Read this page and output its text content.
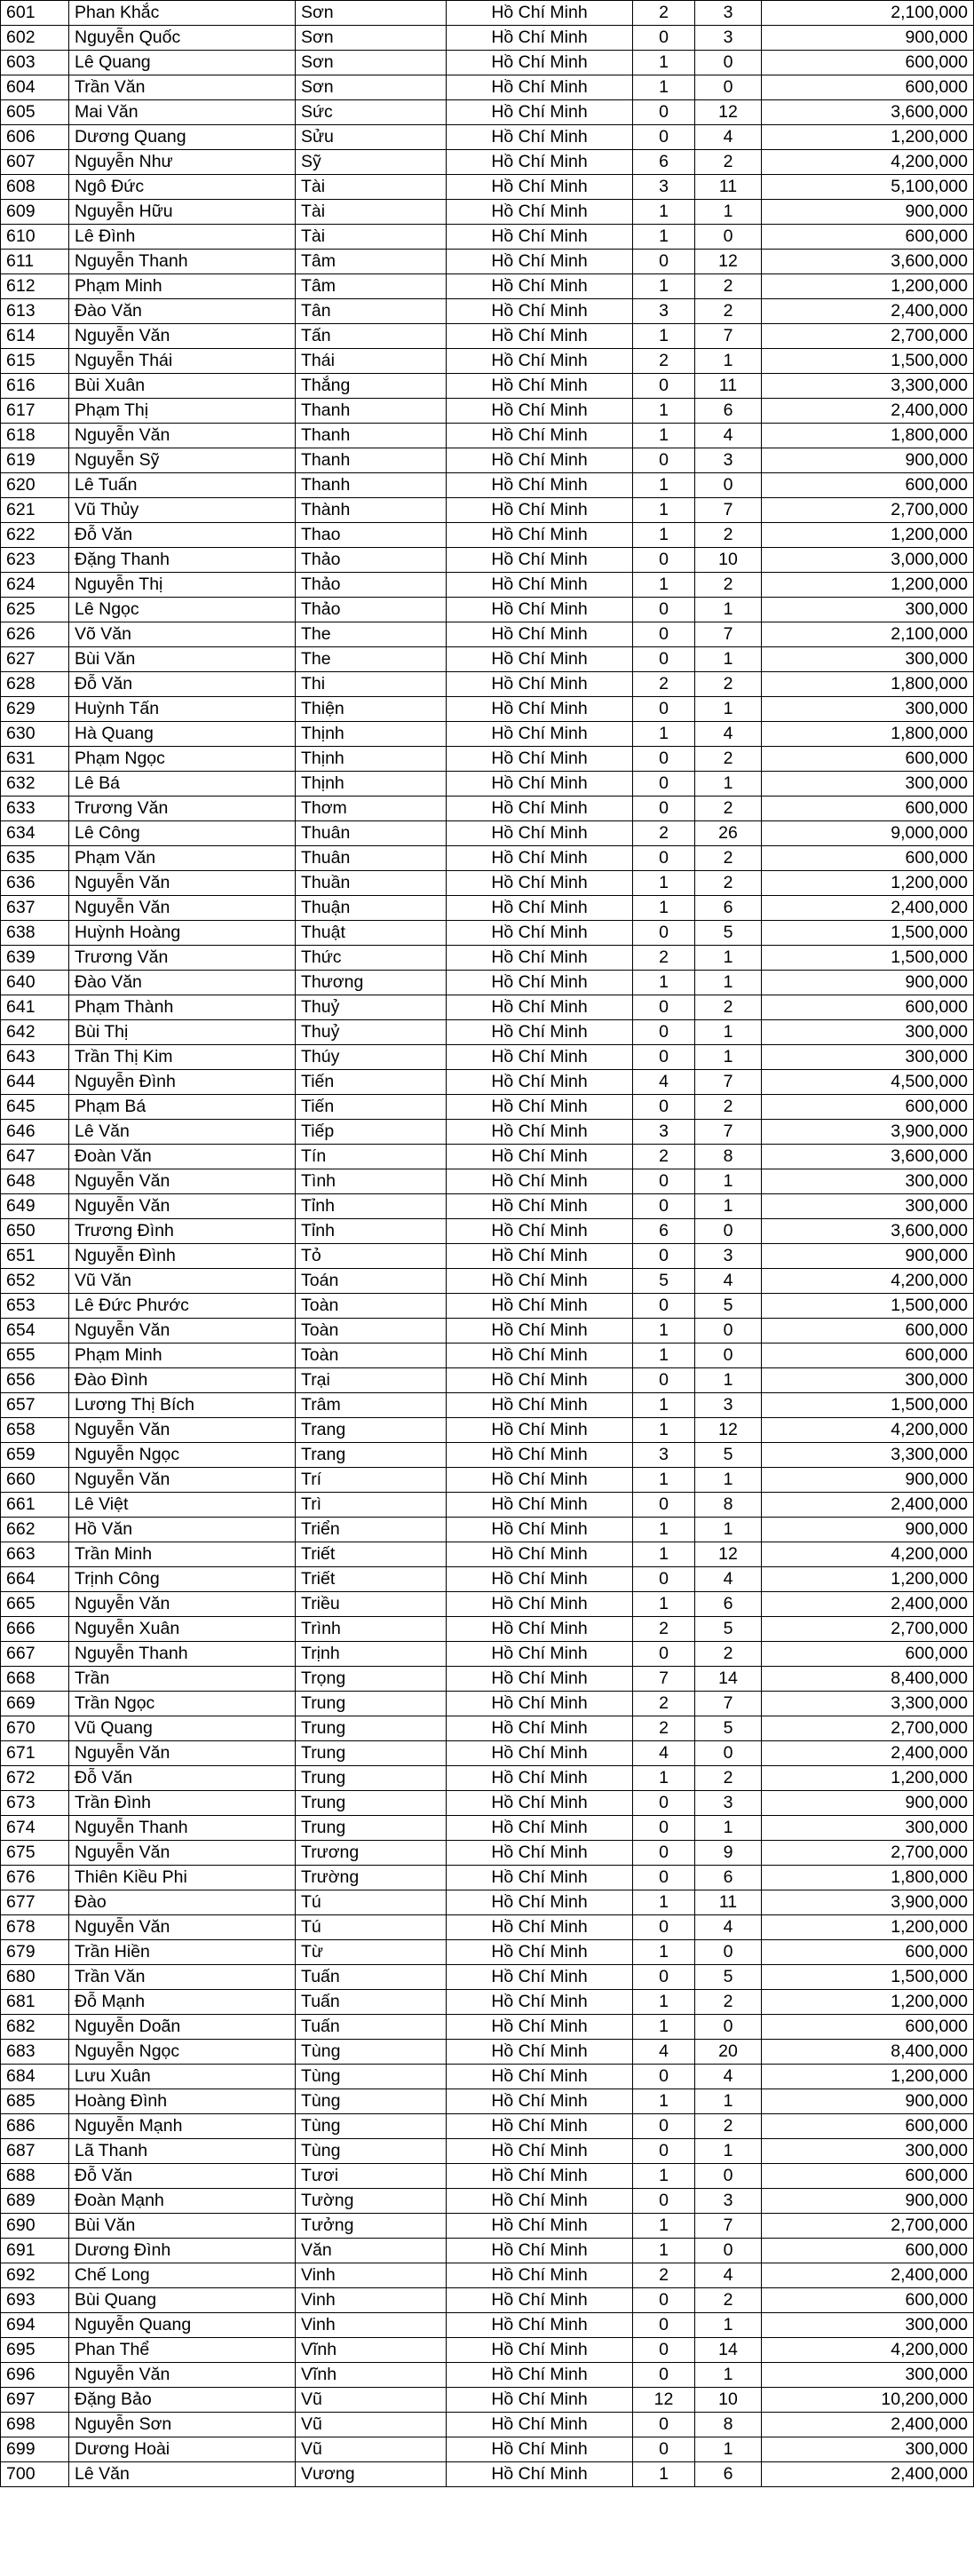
601	Phan Khắc	Sơn	Hồ Chí Minh	2	3	2,100,000
602	Nguyễn Quốc	Sơn	Hồ Chí Minh	0	3	900,000
603	Lê Quang	Sơn	Hồ Chí Minh	1	0	600,000
604	Trần Văn	Sơn	Hồ Chí Minh	1	0	600,000
605	Mai Văn	Sức	Hồ Chí Minh	0	12	3,600,000
606	Dương Quang	Sửu	Hồ Chí Minh	0	4	1,200,000
607	Nguyễn Như	Sỹ	Hồ Chí Minh	6	2	4,200,000
608	Ngô Đức	Tài	Hồ Chí Minh	3	11	5,100,000
609	Nguyễn Hữu	Tài	Hồ Chí Minh	1	1	900,000
610	Lê Đình	Tài	Hồ Chí Minh	1	0	600,000
611	Nguyễn Thanh	Tâm	Hồ Chí Minh	0	12	3,600,000
612	Phạm Minh	Tâm	Hồ Chí Minh	1	2	1,200,000
613	Đào Văn	Tân	Hồ Chí Minh	3	2	2,400,000
614	Nguyễn Văn	Tấn	Hồ Chí Minh	1	7	2,700,000
615	Nguyễn Thái	Thái	Hồ Chí Minh	2	1	1,500,000
616	Bùi Xuân	Thắng	Hồ Chí Minh	0	11	3,300,000
617	Phạm Thị	Thanh	Hồ Chí Minh	1	6	2,400,000
618	Nguyễn Văn	Thanh	Hồ Chí Minh	1	4	1,800,000
619	Nguyễn Sỹ	Thanh	Hồ Chí Minh	0	3	900,000
620	Lê Tuấn	Thanh	Hồ Chí Minh	1	0	600,000
621	Vũ Thủy	Thành	Hồ Chí Minh	1	7	2,700,000
622	Đỗ Văn	Thao	Hồ Chí Minh	1	2	1,200,000
623	Đặng Thanh	Thảo	Hồ Chí Minh	0	10	3,000,000
624	Nguyễn Thị	Thảo	Hồ Chí Minh	1	2	1,200,000
625	Lê Ngọc	Thảo	Hồ Chí Minh	0	1	300,000
626	Võ Văn	The	Hồ Chí Minh	0	7	2,100,000
627	Bùi Văn	The	Hồ Chí Minh	0	1	300,000
628	Đỗ Văn	Thi	Hồ Chí Minh	2	2	1,800,000
629	Huỳnh Tấn	Thiện	Hồ Chí Minh	0	1	300,000
630	Hà Quang	Thịnh	Hồ Chí Minh	1	4	1,800,000
631	Phạm Ngọc	Thịnh	Hồ Chí Minh	0	2	600,000
632	Lê Bá	Thịnh	Hồ Chí Minh	0	1	300,000
633	Trương Văn	Thơm	Hồ Chí Minh	0	2	600,000
634	Lê Công	Thuân	Hồ Chí Minh	2	26	9,000,000
635	Phạm Văn	Thuân	Hồ Chí Minh	0	2	600,000
636	Nguyễn Văn	Thuần	Hồ Chí Minh	1	2	1,200,000
637	Nguyễn Văn	Thuận	Hồ Chí Minh	1	6	2,400,000
638	Huỳnh Hoàng	Thuật	Hồ Chí Minh	0	5	1,500,000
639	Trương Văn	Thức	Hồ Chí Minh	2	1	1,500,000
640	Đào Văn	Thương	Hồ Chí Minh	1	1	900,000
641	Phạm Thành	Thuỷ	Hồ Chí Minh	0	2	600,000
642	Bùi Thị	Thuỷ	Hồ Chí Minh	0	1	300,000
643	Trần Thị Kim	Thúy	Hồ Chí Minh	0	1	300,000
644	Nguyễn Đình	Tiến	Hồ Chí Minh	4	7	4,500,000
645	Phạm Bá	Tiến	Hồ Chí Minh	0	2	600,000
646	Lê Văn	Tiếp	Hồ Chí Minh	3	7	3,900,000
647	Đoàn Văn	Tín	Hồ Chí Minh	2	8	3,600,000
648	Nguyễn Văn	Tình	Hồ Chí Minh	0	1	300,000
649	Nguyễn Văn	Tỉnh	Hồ Chí Minh	0	1	300,000
650	Trương Đình	Tỉnh	Hồ Chí Minh	6	0	3,600,000
651	Nguyễn Đình	Tỏ	Hồ Chí Minh	0	3	900,000
652	Vũ Văn	Toán	Hồ Chí Minh	5	4	4,200,000
653	Lê Đức Phước	Toàn	Hồ Chí Minh	0	5	1,500,000
654	Nguyễn Văn	Toàn	Hồ Chí Minh	1	0	600,000
655	Phạm Minh	Toàn	Hồ Chí Minh	1	0	600,000
656	Đào Đình	Trại	Hồ Chí Minh	0	1	300,000
657	Lương Thị Bích	Trâm	Hồ Chí Minh	1	3	1,500,000
658	Nguyễn Văn	Trang	Hồ Chí Minh	1	12	4,200,000
659	Nguyễn Ngọc	Trang	Hồ Chí Minh	3	5	3,300,000
660	Nguyễn Văn	Trí	Hồ Chí Minh	1	1	900,000
661	Lê Việt	Trì	Hồ Chí Minh	0	8	2,400,000
662	Hồ Văn	Triển	Hồ Chí Minh	1	1	900,000
663	Trần Minh	Triết	Hồ Chí Minh	1	12	4,200,000
664	Trịnh Công	Triết	Hồ Chí Minh	0	4	1,200,000
665	Nguyễn Văn	Triều	Hồ Chí Minh	1	6	2,400,000
666	Nguyễn Xuân	Trình	Hồ Chí Minh	2	5	2,700,000
667	Nguyễn Thanh	Trịnh	Hồ Chí Minh	0	2	600,000
668	Trần	Trọng	Hồ Chí Minh	7	14	8,400,000
669	Trần Ngọc	Trung	Hồ Chí Minh	2	7	3,300,000
670	Vũ Quang	Trung	Hồ Chí Minh	2	5	2,700,000
671	Nguyễn Văn	Trung	Hồ Chí Minh	4	0	2,400,000
672	Đỗ Văn	Trung	Hồ Chí Minh	1	2	1,200,000
673	Trần Đình	Trung	Hồ Chí Minh	0	3	900,000
674	Nguyễn Thanh	Trung	Hồ Chí Minh	0	1	300,000
675	Nguyễn Văn	Trương	Hồ Chí Minh	0	9	2,700,000
676	Thiên Kiều Phi	Trường	Hồ Chí Minh	0	6	1,800,000
677	Đào	Tú	Hồ Chí Minh	1	11	3,900,000
678	Nguyễn Văn	Tú	Hồ Chí Minh	0	4	1,200,000
679	Trần Hiền	Từ	Hồ Chí Minh	1	0	600,000
680	Trần Văn	Tuấn	Hồ Chí Minh	0	5	1,500,000
681	Đỗ Mạnh	Tuấn	Hồ Chí Minh	1	2	1,200,000
682	Nguyễn Doãn	Tuấn	Hồ Chí Minh	1	0	600,000
683	Nguyễn Ngọc	Tùng	Hồ Chí Minh	4	20	8,400,000
684	Lưu Xuân	Tùng	Hồ Chí Minh	0	4	1,200,000
685	Hoàng Đình	Tùng	Hồ Chí Minh	1	1	900,000
686	Nguyễn Mạnh	Tùng	Hồ Chí Minh	0	2	600,000
687	Lã Thanh	Tùng	Hồ Chí Minh	0	1	300,000
688	Đỗ Văn	Tươi	Hồ Chí Minh	1	0	600,000
689	Đoàn Mạnh	Tường	Hồ Chí Minh	0	3	900,000
690	Bùi Văn	Tưởng	Hồ Chí Minh	1	7	2,700,000
691	Dương Đình	Văn	Hồ Chí Minh	1	0	600,000
692	Chế Long	Vinh	Hồ Chí Minh	2	4	2,400,000
693	Bùi Quang	Vinh	Hồ Chí Minh	0	2	600,000
694	Nguyễn Quang	Vinh	Hồ Chí Minh	0	1	300,000
695	Phan Thể	Vĩnh	Hồ Chí Minh	0	14	4,200,000
696	Nguyễn Văn	Vĩnh	Hồ Chí Minh	0	1	300,000
697	Đặng Bảo	Vũ	Hồ Chí Minh	12	10	10,200,000
698	Nguyễn Sơn	Vũ	Hồ Chí Minh	0	8	2,400,000
699	Dương Hoài	Vũ	Hồ Chí Minh	0	1	300,000
700	Lê Văn	Vương	Hồ Chí Minh	1	6	2,400,000
